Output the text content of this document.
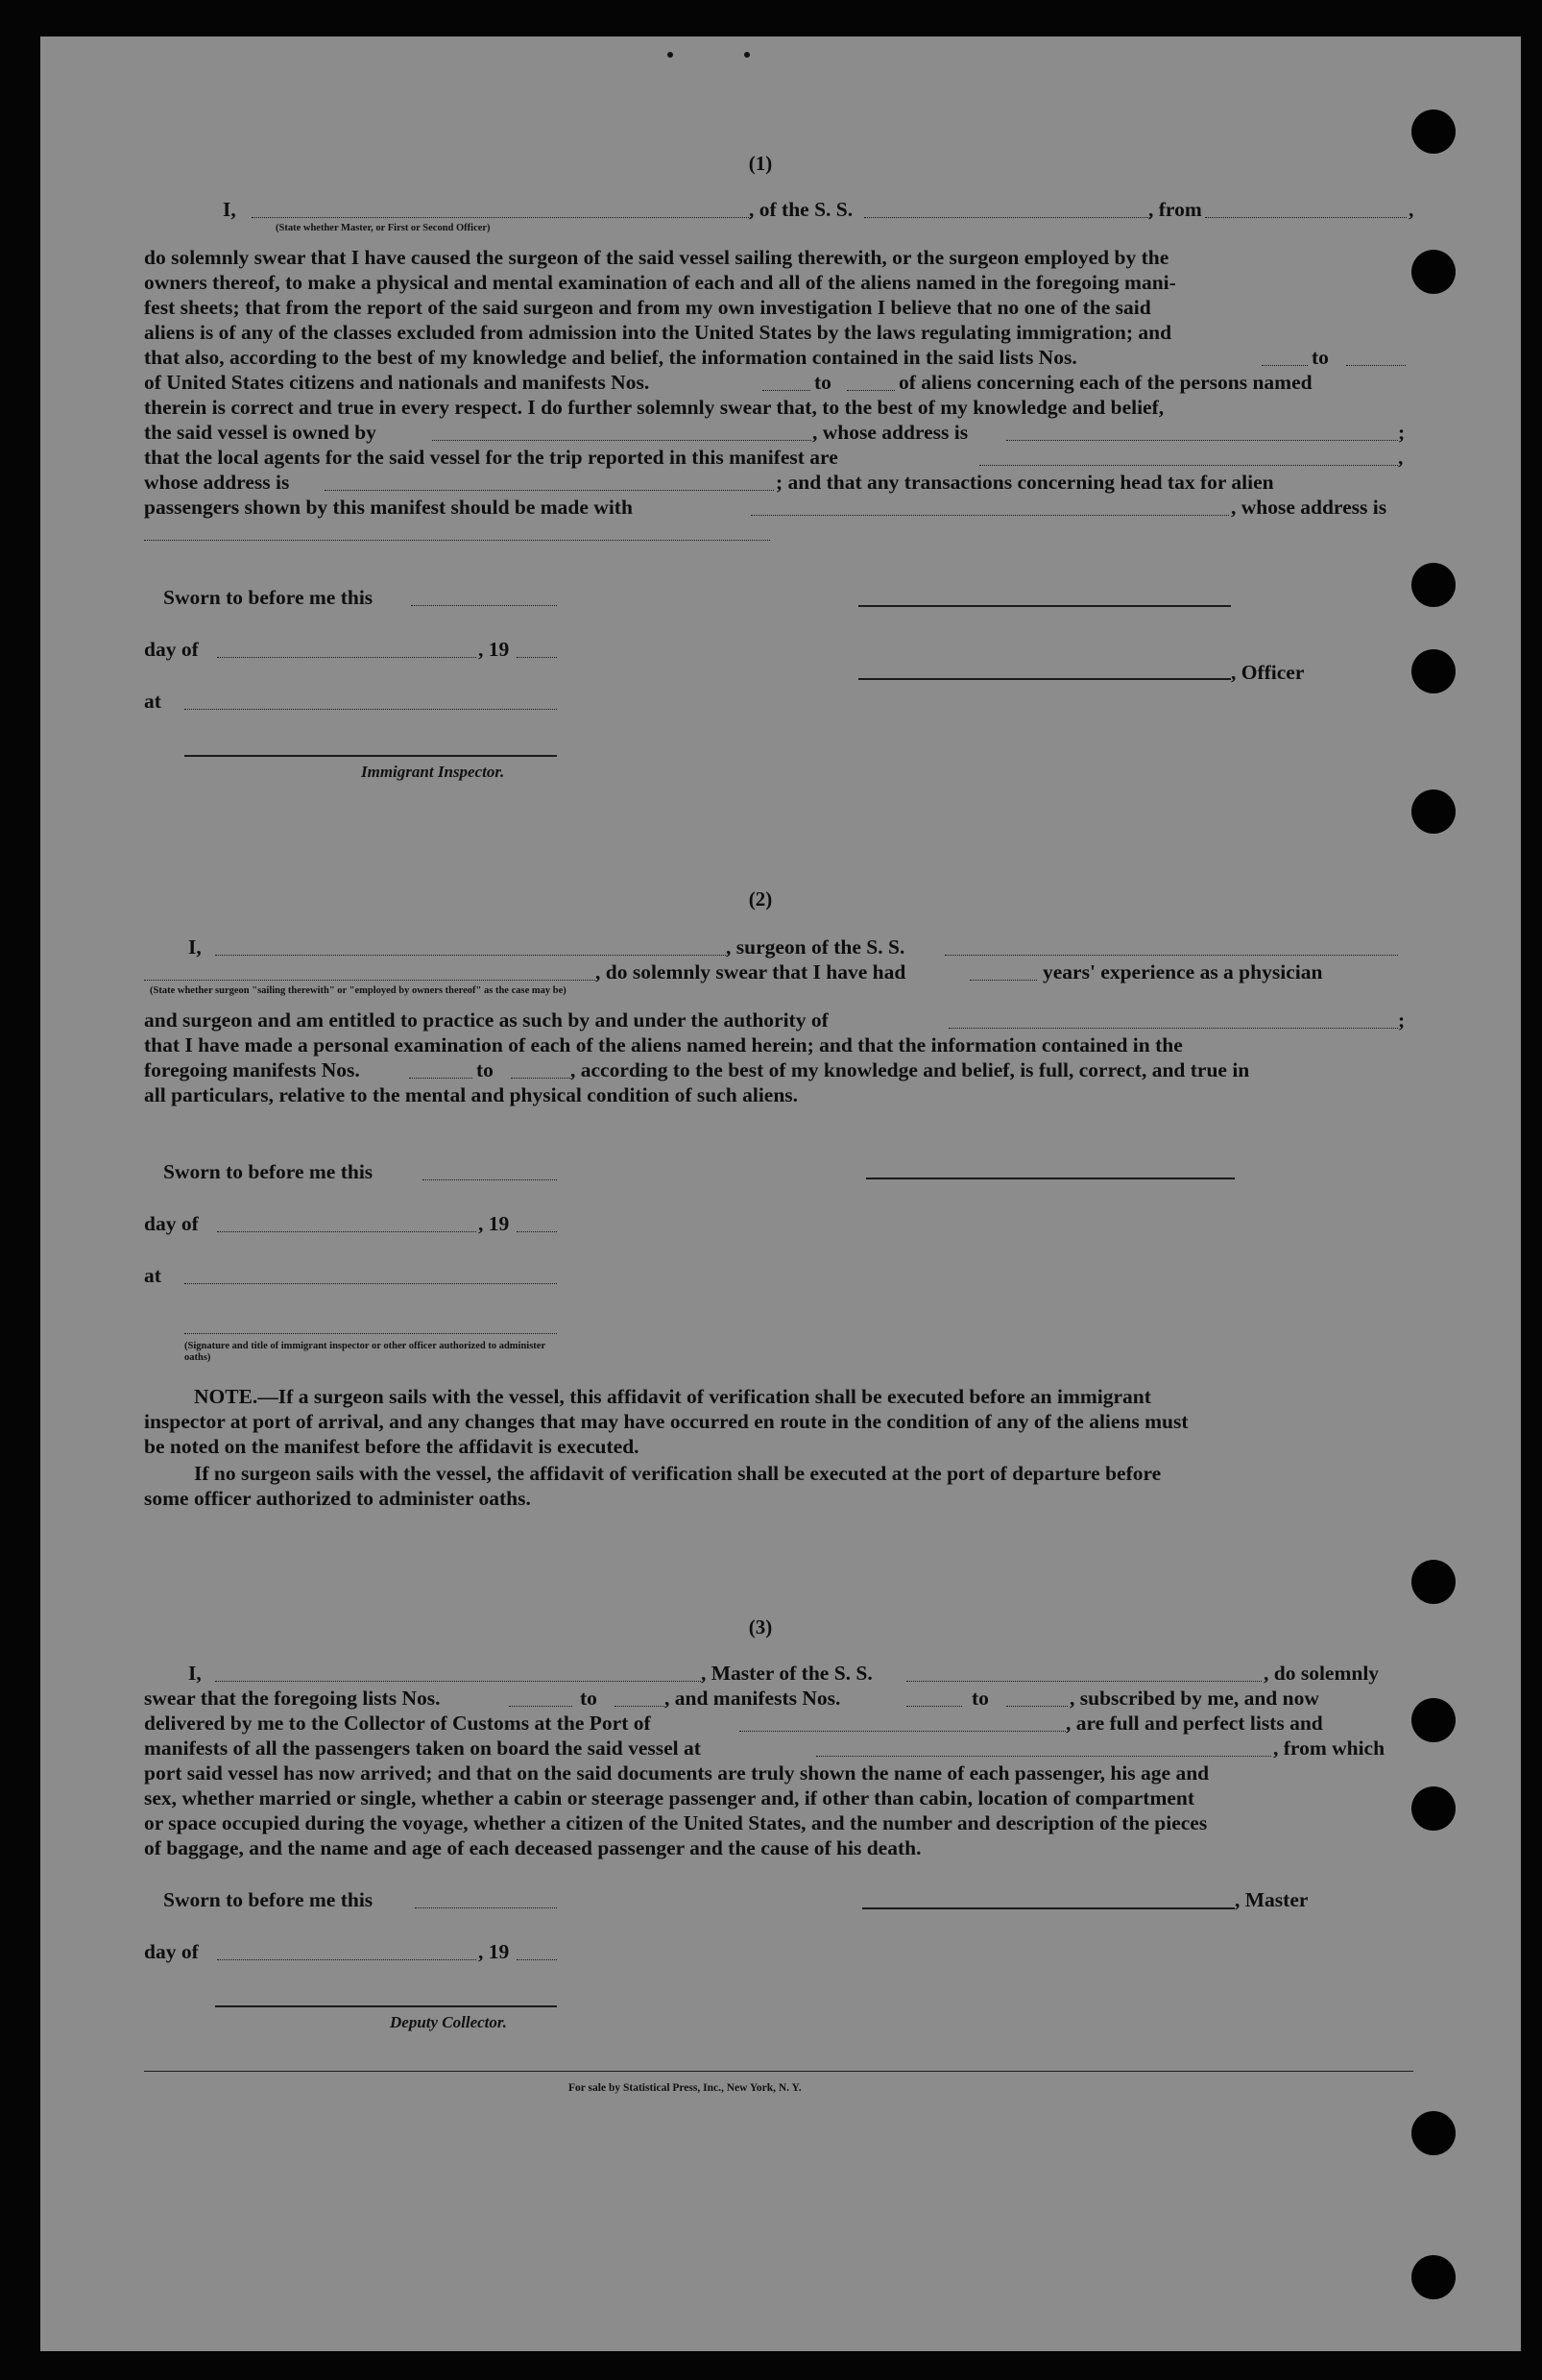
(1)
I,	, of the S. S.	, from	,
(State whether Master, or First or Second Officer)
do solemnly swear that I have caused the surgeon of the said vessel sailing therewith, or the surgeon employed by the
owners thereof, to make a physical and mental examination of each and all of the aliens named in the foregoing mani-
fest sheets; that from the report of the said surgeon and from my own investigation I believe that no one of the said
aliens is of any of the classes excluded from admission into the United States by the laws regulating immigration; and
that also, according to the best of my knowledge and belief, the information contained in the said lists Nos.	to
of United States citizens and nationals and manifests Nos.	to	of aliens concerning each of the persons named
therein is correct and true in every respect. I do further solemnly swear that, to the best of my knowledge and belief,
the said vessel is owned by	, whose address is	;
that the local agents for the said vessel for the trip reported in this manifest are	,
whose address is	; and that any transactions concerning head tax for alien
passengers shown by this manifest should be made with	, whose address is
Sworn to before me this
day of	, 19
, Officer
at
Immigrant Inspector.
(2)
I,	, surgeon of the S. S.
, do solemnly swear that I have had	years' experience as a physician
(State whether surgeon "sailing therewith" or "employed by owners thereof" as the case may be)
and surgeon and am entitled to practice as such by and under the authority of	;
that I have made a personal examination of each of the aliens named herein; and that the information contained in the
foregoing manifests Nos.	to	, according to the best of my knowledge and belief, is full, correct, and true in
all particulars, relative to the mental and physical condition of such aliens.
Sworn to before me this
day of	, 19
at
(Signature and title of immigrant inspector or other officer authorized to administer oaths)
NOTE.—If a surgeon sails with the vessel, this affidavit of verification shall be executed before an immigrant
inspector at port of arrival, and any changes that may have occurred en route in the condition of any of the aliens must
be noted on the manifest before the affidavit is executed.
If no surgeon sails with the vessel, the affidavit of verification shall be executed at the port of departure before
some officer authorized to administer oaths.
(3)
I,	, Master of the S. S.	, do solemnly
swear that the foregoing lists Nos.	to	, and manifests Nos.	to	, subscribed by me, and now
delivered by me to the Collector of Customs at the Port of	, are full and perfect lists and
manifests of all the passengers taken on board the said vessel at	, from which
port said vessel has now arrived; and that on the said documents are truly shown the name of each passenger, his age and
sex, whether married or single, whether a cabin or steerage passenger and, if other than cabin, location of compartment
or space occupied during the voyage, whether a citizen of the United States, and the number and description of the pieces
of baggage, and the name and age of each deceased passenger and the cause of his death.
Sworn to before me this	, Master
day of	, 19
Deputy Collector.
For sale by Statistical Press, Inc., New York, N. Y.
